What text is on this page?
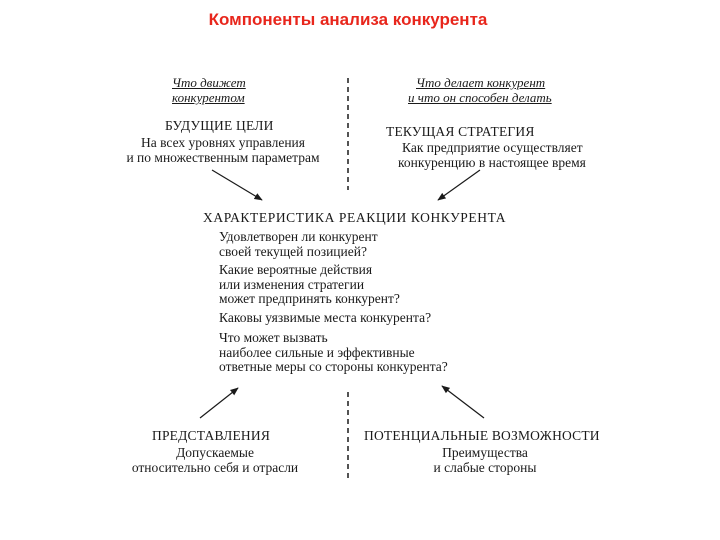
Компоненты анализа конкурента
Что движет
конкурентом
БУДУЩИЕ ЦЕЛИ
На всех уровнях управления
и по множественным параметрам
Что делает конкурент
и что он способен делать
ТЕКУЩАЯ СТРАТЕГИЯ
Как предприятие осуществляет
конкуренцию в настоящее время
ХАРАКТЕРИСТИКА РЕАКЦИИ КОНКУРЕНТА
Удовлетворен ли конкурент
своей текущей позицией?
Какие вероятные действия
или изменения стратегии
может предпринять конкурент?
Каковы уязвимые места конкурента?
Что может вызвать
наиболее сильные и эффективные
ответные меры со стороны конкурента?
ПРЕДСТАВЛЕНИЯ
Допускаемые
относительно себя и отрасли
ПОТЕНЦИАЛЬНЫЕ ВОЗМОЖНОСТИ
Преимущества
и слабые стороны
